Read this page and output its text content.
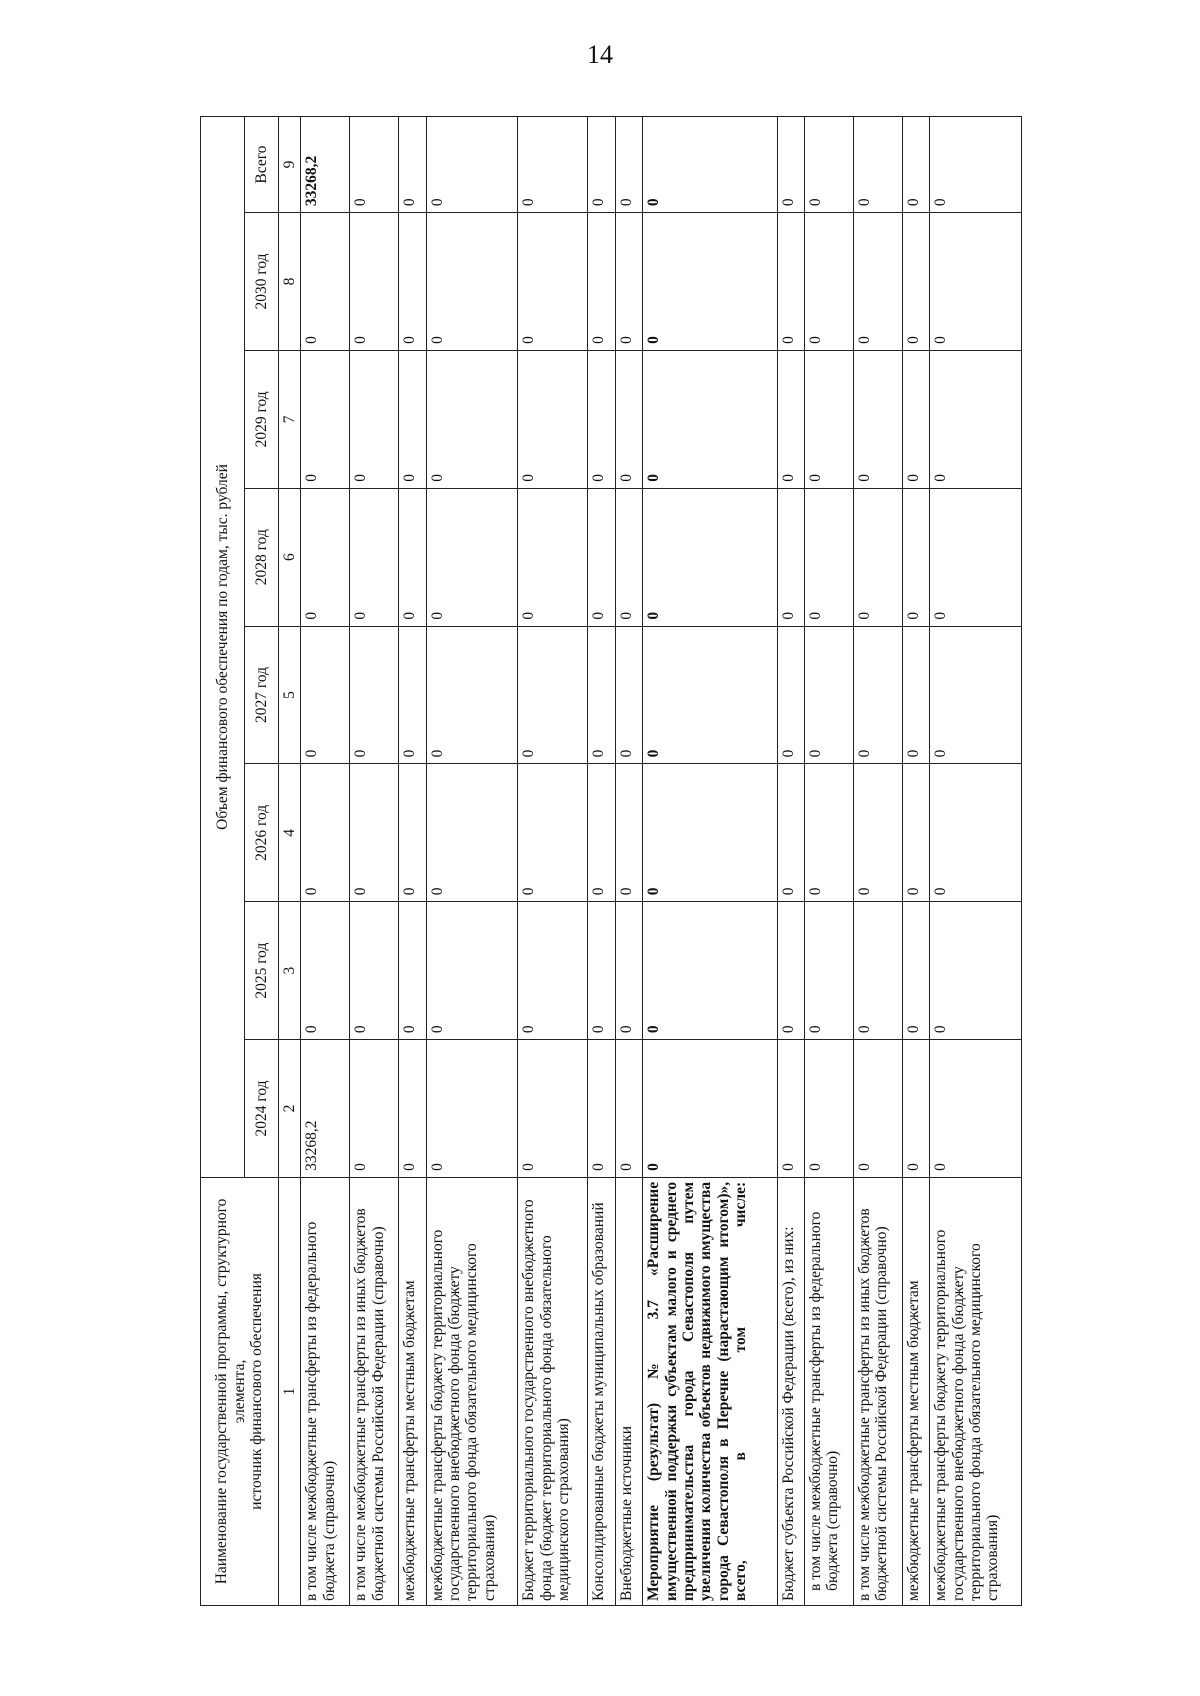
14
Наименование государственной программы, структурного элемента,
источник финансового обеспечения	Объем финансового обеспечения по годам, тыс. рублей							
	2024 год	2025 год	2026 год	2027 год	2028 год	2029 год	2030 год	Всего
1	2	3	4	5	6	7	8	9
в том числе межбюджетные трансферты из федерального бюджета (справочно)	33268,2	0	0	0	0	0	0	33268,2
в том числе межбюджетные трансферты из иных бюджетов бюджетной системы Российской Федерации (справочно)	0	0	0	0	0	0	0	0
межбюджетные трансферты местным бюджетам	0	0	0	0	0	0	0	0
межбюджетные трансферты бюджету территориального государственного внебюджетного фонда (бюджету территориального фонда обязательного медицинского страхования)	0	0	0	0	0	0	0	0
Бюджет территориального государственного внебюджетного фонда (бюджет территориального фонда обязательного медицинского страхования)	0	0	0	0	0	0	0	0
Консолидированные бюджеты муниципальных образований	0	0	0	0	0	0	0	0
Внебюджетные источники	0	0	0	0	0	0	0	0
Мероприятие (результат) № 3.7 «Расширение имущественной поддержки субъектам малого и среднего предпринимательства города Севастополя путем увеличения количества объектов недвижимого имущества города Севастополя в Перечне (нарастающим итогом)», всего, в том числе:	0	0	0	0	0	0	0	0
Бюджет субъекта Российской Федерации (всего), из них:	0	0	0	0	0	0	0	0
в том числе межбюджетные трансферты из федерального бюджета (справочно)	0	0	0	0	0	0	0	0
в том числе межбюджетные трансферты из иных бюджетов бюджетной системы Российской Федерации (справочно)	0	0	0	0	0	0	0	0
межбюджетные трансферты местным бюджетам	0	0	0	0	0	0	0	0
межбюджетные трансферты бюджету территориального государственного внебюджетного фонда (бюджету территориального фонда обязательного медицинского страхования)	0	0	0	0	0	0	0	0
